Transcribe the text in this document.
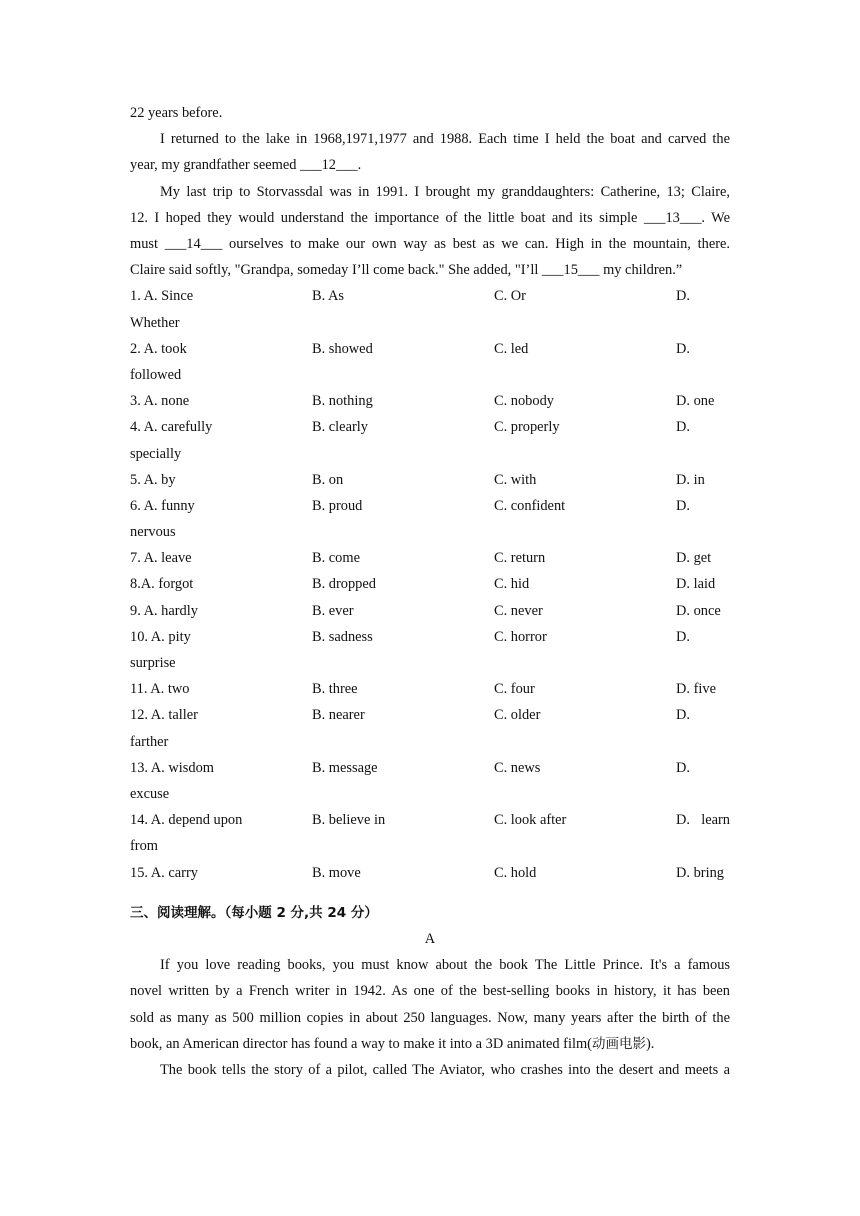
22 years before.
I returned to the lake in 1968,1971,1977 and 1988. Each time I held the boat and carved the
year, my grandfather seemed ___12___.
My last trip to Storvassdal was in 1991. I brought my granddaughters: Catherine, 13; Claire,
12. I hoped they would understand the importance of the little boat and its simple ___13___. We
must ___14___ ourselves to make our own way as best as we can. High in the mountain, there.
Claire said softly, "Grandpa, someday I’ll come back." She added, "I’ll ___15___ my children.”
1. A. Since	B. As	C. Or	D.
Whether
2. A. took	B. showed	C. led	D.
followed
3. A. none	B. nothing	C. nobody	D. one
4. A. carefully	B. clearly	C. properly	D.
specially
5. A. by	B. on	C. with	D. in
6. A. funny	B. proud	C. confident	D.
nervous
7. A. leave	B. come	C. return	D. get
8.A. forgot	B. dropped	C. hid	D. laid
9. A. hardly	B. ever	C. never	D. once
10. A. pity	B. sadness	C. horror	D.
surprise
11. A. two	B. three	C. four	D. five
12. A. taller	B. nearer	C. older	D.
farther
13. A. wisdom	B. message	C. news	D.
excuse
14. A. depend upon	B. believe in	C. look after	D. learn
from
15. A. carry	B. move	C. hold	D. bring
三、阅读理解。（每小题 2 分,共 24 分）
A
If you love reading books, you must know about the book The Little Prince. It's a famous
novel written by a French writer in 1942. As one of the best-selling books in history, it has been
sold as many as 500 million copies in about 250 languages. Now, many years after the birth of the
book, an American director has found a way to make it into a 3D animated film(动画电影).
The book tells the story of a pilot, called The Aviator, who crashes into the desert and meets a
